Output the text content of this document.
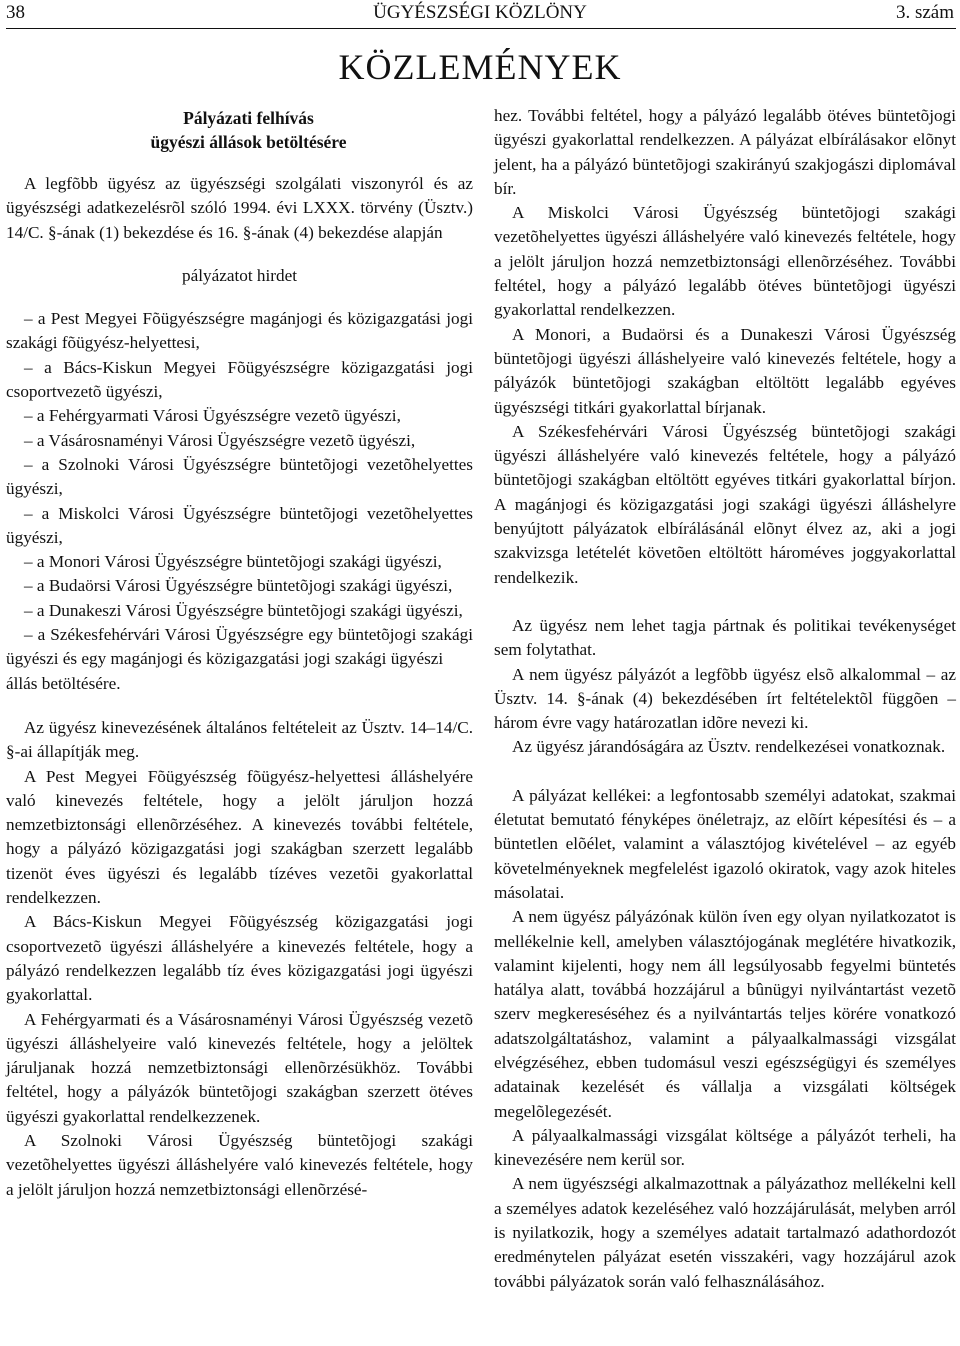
38	ÜGYÉSZSÉGI KÖZLÖNY	3. szám
KÖZLEMÉNYEK

Pályázati felhívás

ügyészi állások betöltésére

A legfõbb ügyész az ügyészségi szolgálati viszonyról és az ügyészségi adatkezelésrõl szóló 1994. évi LXXX. törvény (Üsztv.) 14/C. §-ának (1) bekezdése és 16. §-ának (4) bekezdése alapján

pályázatot hirdet

– a Pest Megyei Fõügyészségre magánjogi és közigazgatási jogi szakági fõügyész-helyettesi,

– a Bács-Kiskun Megyei Fõügyészségre közigazgatási jogi csoportvezetõ ügyészi,

– a Fehérgyarmati Városi Ügyészségre vezetõ ügyészi,

– a Vásárosnaményi Városi Ügyészségre vezetõ ügyészi,

– a Szolnoki Városi Ügyészségre büntetõjogi vezetõhelyettes ügyészi,

– a Miskolci Városi Ügyészségre büntetõjogi vezetõhelyettes ügyészi,

– a Monori Városi Ügyészségre büntetõjogi szakági ügyészi,

– a Budaörsi Városi Ügyészségre büntetõjogi szakági ügyészi,

– a Dunakeszi Városi Ügyészségre büntetõjogi szakági ügyészi,

– a Székesfehérvári Városi Ügyészségre egy büntetõjogi szakági ügyészi és egy magánjogi és közigazgatási jogi szakági ügyészi

állás betöltésére.

Az ügyész kinevezésének általános feltételeit az Üsztv. 14–14/C. §-ai állapítják meg.

A Pest Megyei Fõügyészség fõügyész-helyettesi álláshelyére való kinevezés feltétele, hogy a jelölt járuljon hozzá nemzetbiztonsági ellenõrzéséhez. A kinevezés további feltétele, hogy a pályázó közigazgatási jogi szakágban szerzett legalább tizenöt éves ügyészi és legalább tízéves vezetõi gyakorlattal rendelkezzen.

A Bács-Kiskun Megyei Fõügyészség közigazgatási jogi csoportvezetõ ügyészi álláshelyére a kinevezés feltétele, hogy a pályázó rendelkezzen legalább tíz éves közigazgatási jogi ügyészi gyakorlattal.

A Fehérgyarmati és a Vásárosnaményi Városi Ügyészség vezetõ ügyészi álláshelyeire való kinevezés feltétele, hogy a jelöltek járuljanak hozzá nemzetbiztonsági ellenõrzésükhöz. További feltétel, hogy a pályázók büntetõjogi szakágban szerzett ötéves ügyészi gyakorlattal rendelkezzenek.

A Szolnoki Városi Ügyészség büntetõjogi szakági vezetõhelyettes ügyészi álláshelyére való kinevezés feltétele, hogy a jelölt járuljon hozzá nemzetbiztonsági ellenõrzésé-

hez. További feltétel, hogy a pályázó legalább ötéves büntetõjogi ügyészi gyakorlattal rendelkezzen. A pályázat elbírálásakor elõnyt jelent, ha a pályázó büntetõjogi szakirányú szakjogászi diplomával bír.

A Miskolci Városi Ügyészség büntetõjogi szakági vezetõhelyettes ügyészi álláshelyére való kinevezés feltétele, hogy a jelölt járuljon hozzá nemzetbiztonsági ellenõrzéséhez. További feltétel, hogy a pályázó legalább ötéves büntetõjogi ügyészi gyakorlattal rendelkezzen.

A Monori, a Budaörsi és a Dunakeszi Városi Ügyészség büntetõjogi ügyészi álláshelyeire való kinevezés feltétele, hogy a pályázók büntetõjogi szakágban eltöltött legalább egyéves ügyészségi titkári gyakorlattal bírjanak.

A Székesfehérvári Városi Ügyészség büntetõjogi szakági ügyészi álláshelyére való kinevezés feltétele, hogy a pályázó büntetõjogi szakágban eltöltött egyéves titkári gyakorlattal bírjon. A magánjogi és közigazgatási jogi szakági ügyészi álláshelyre benyújtott pályázatok elbírálásánál elõnyt élvez az, aki a jogi szakvizsga letételét követõen eltöltött hároméves joggyakorlattal rendelkezik.

Az ügyész nem lehet tagja pártnak és politikai tevékenységet sem folytathat.

A nem ügyész pályázót a legfõbb ügyész elsõ alkalommal – az Üsztv. 14. §-ának (4) bekezdésében írt feltételektõl függõen – három évre vagy határozatlan idõre nevezi ki.

Az ügyész járandóságára az Üsztv. rendelkezései vonatkoznak.

A pályázat kellékei: a legfontosabb személyi adatokat, szakmai életutat bemutató fényképes önéletrajz, az elõírt képesítési és – a büntetlen elõélet, valamint a választójog kivételével – az egyéb követelményeknek megfelelést igazoló okiratok, vagy azok hiteles másolatai.

A nem ügyész pályázónak külön íven egy olyan nyilatkozatot is mellékelnie kell, amelyben választójogának meglétére hivatkozik, valamint kijelenti, hogy nem áll legsúlyosabb fegyelmi büntetés hatálya alatt, továbbá hozzájárul a bûnügyi nyilvántartást vezetõ szerv megkereséséhez és a nyilvántartás teljes körére vonatkozó adatszolgáltatáshoz, valamint a pályaalkalmassági vizsgálat elvégzéséhez, ebben tudomásul veszi egészségügyi és személyes adatainak kezelését és vállalja a vizsgálati költségek megelõlegezését.

A pályaalkalmassági vizsgálat költsége a pályázót terheli, ha kinevezésére nem kerül sor.

A nem ügyészségi alkalmazottnak a pályázathoz mellékelni kell a személyes adatok kezeléséhez való hozzájárulását, melyben arról is nyilatkozik, hogy a személyes adatait tartalmazó adathordozót eredménytelen pályázat esetén visszakéri, vagy hozzájárul azok további pályázatok során való felhasználásához.
